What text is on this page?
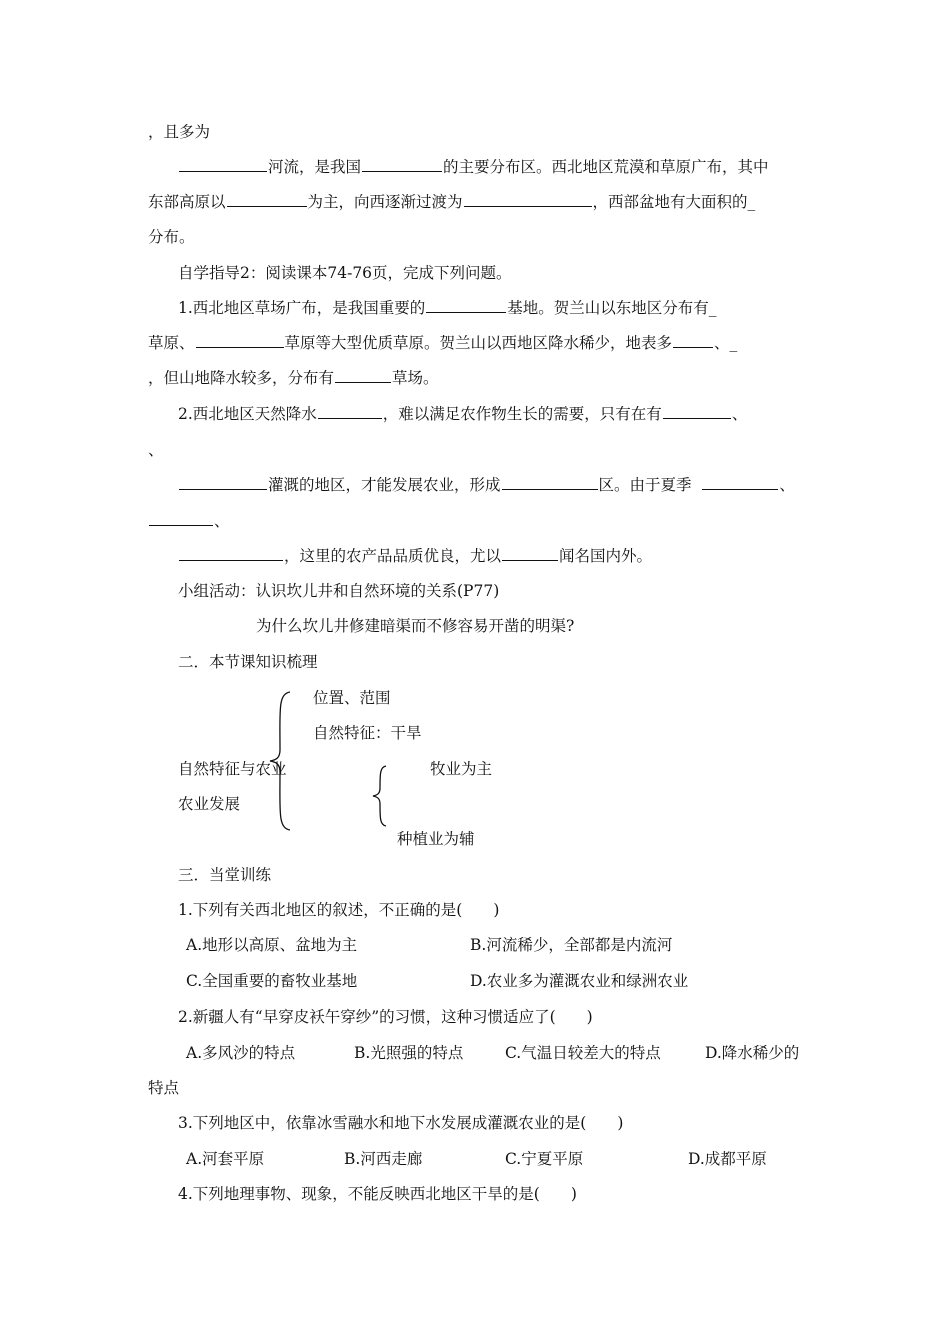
，且多为
河流，是我国	的主要分布区。西北地区荒漠和草原广布，其中
东部高原以	为主，向西逐渐过渡为	，西部盆地有大面积的_
分布。
自学指导2：阅读课本74-76页，完成下列问题。
1.西北地区草场广布，是我国重要的	基地。贺兰山以东地区分布有_
草原、	草原等大型优质草原。贺兰山以西地区降水稀少，地表多	、_
，但山地降水较多，分布有	草场。
2.西北地区天然降水	，难以满足农作物生长的需要，只有在有	、
、
灌溉的地区，才能发展农业，形成	区。由于夏季	、
、
，这里的农产品品质优良，尤以	闻名国内外。
小组活动：认识坎儿井和自然环境的关系(P77)
为什么坎儿井修建暗渠而不修容易开凿的明渠?
二．本节课知识梳理
位置、范围
自然特征：干旱
自然特征与农业	牧业为主
农业发展
种植业为辅
三．当堂训练
1.下列有关西北地区的叙述，不正确的是(　　)
A.地形以高原、盆地为主	B.河流稀少，全部都是内流河
C.全国重要的畜牧业基地	D.农业多为灌溉农业和绿洲农业
2.新疆人有“早穿皮袄午穿纱”的习惯，这种习惯适应了(　　)
A.多风沙的特点	B.光照强的特点	C.气温日较差大的特点	D.降水稀少的
特点
3.下列地区中，依靠冰雪融水和地下水发展成灌溉农业的是(　　)
A.河套平原	B.河西走廊	C.宁夏平原	D.成都平原
4.下列地理事物、现象，不能反映西北地区干旱的是(　　)
